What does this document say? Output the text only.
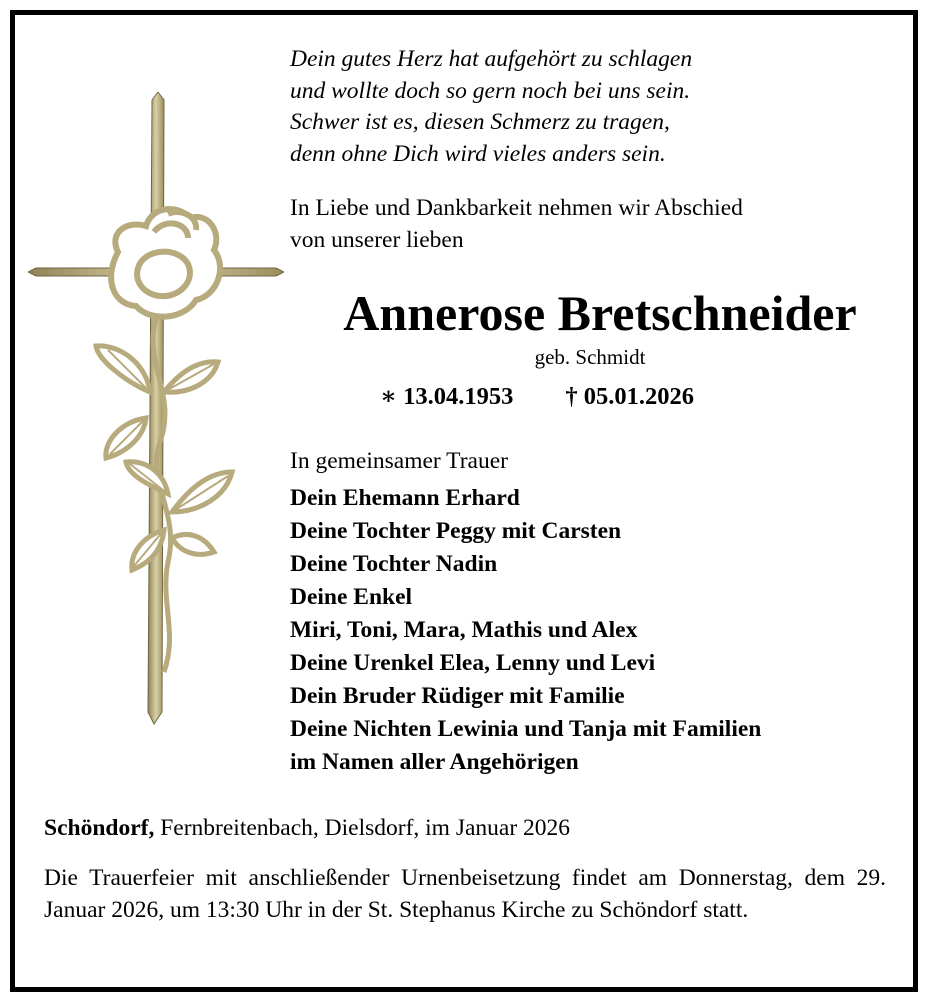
Dein gutes Herz hat aufgehört zu schlagen
und wollte doch so gern noch bei uns sein.
Schwer ist es, diesen Schmerz zu tragen,
denn ohne Dich wird vieles anders sein.
In Liebe und Dankbarkeit nehmen wir Abschied
von unserer lieben
Annerose Bretschneider
geb. Schmidt
∗ 13.04.1953 † 05.01.2026
In gemeinsamer Trauer
Dein Ehemann Erhard
Deine Tochter Peggy mit Carsten
Deine Tochter Nadin
Deine Enkel
Miri, Toni, Mara, Mathis und Alex
Deine Urenkel Elea, Lenny und Levi
Dein Bruder Rüdiger mit Familie
Deine Nichten Lewinia und Tanja mit Familien
im Namen aller Angehörigen
Schöndorf, Fernbreitenbach, Dielsdorf, im Januar 2026
Die Trauerfeier mit anschließender Urnenbeisetzung findet am Donnerstag, dem 29. Januar 2026, um 13:30 Uhr in der St. Stephanus Kirche zu Schöndorf statt.
